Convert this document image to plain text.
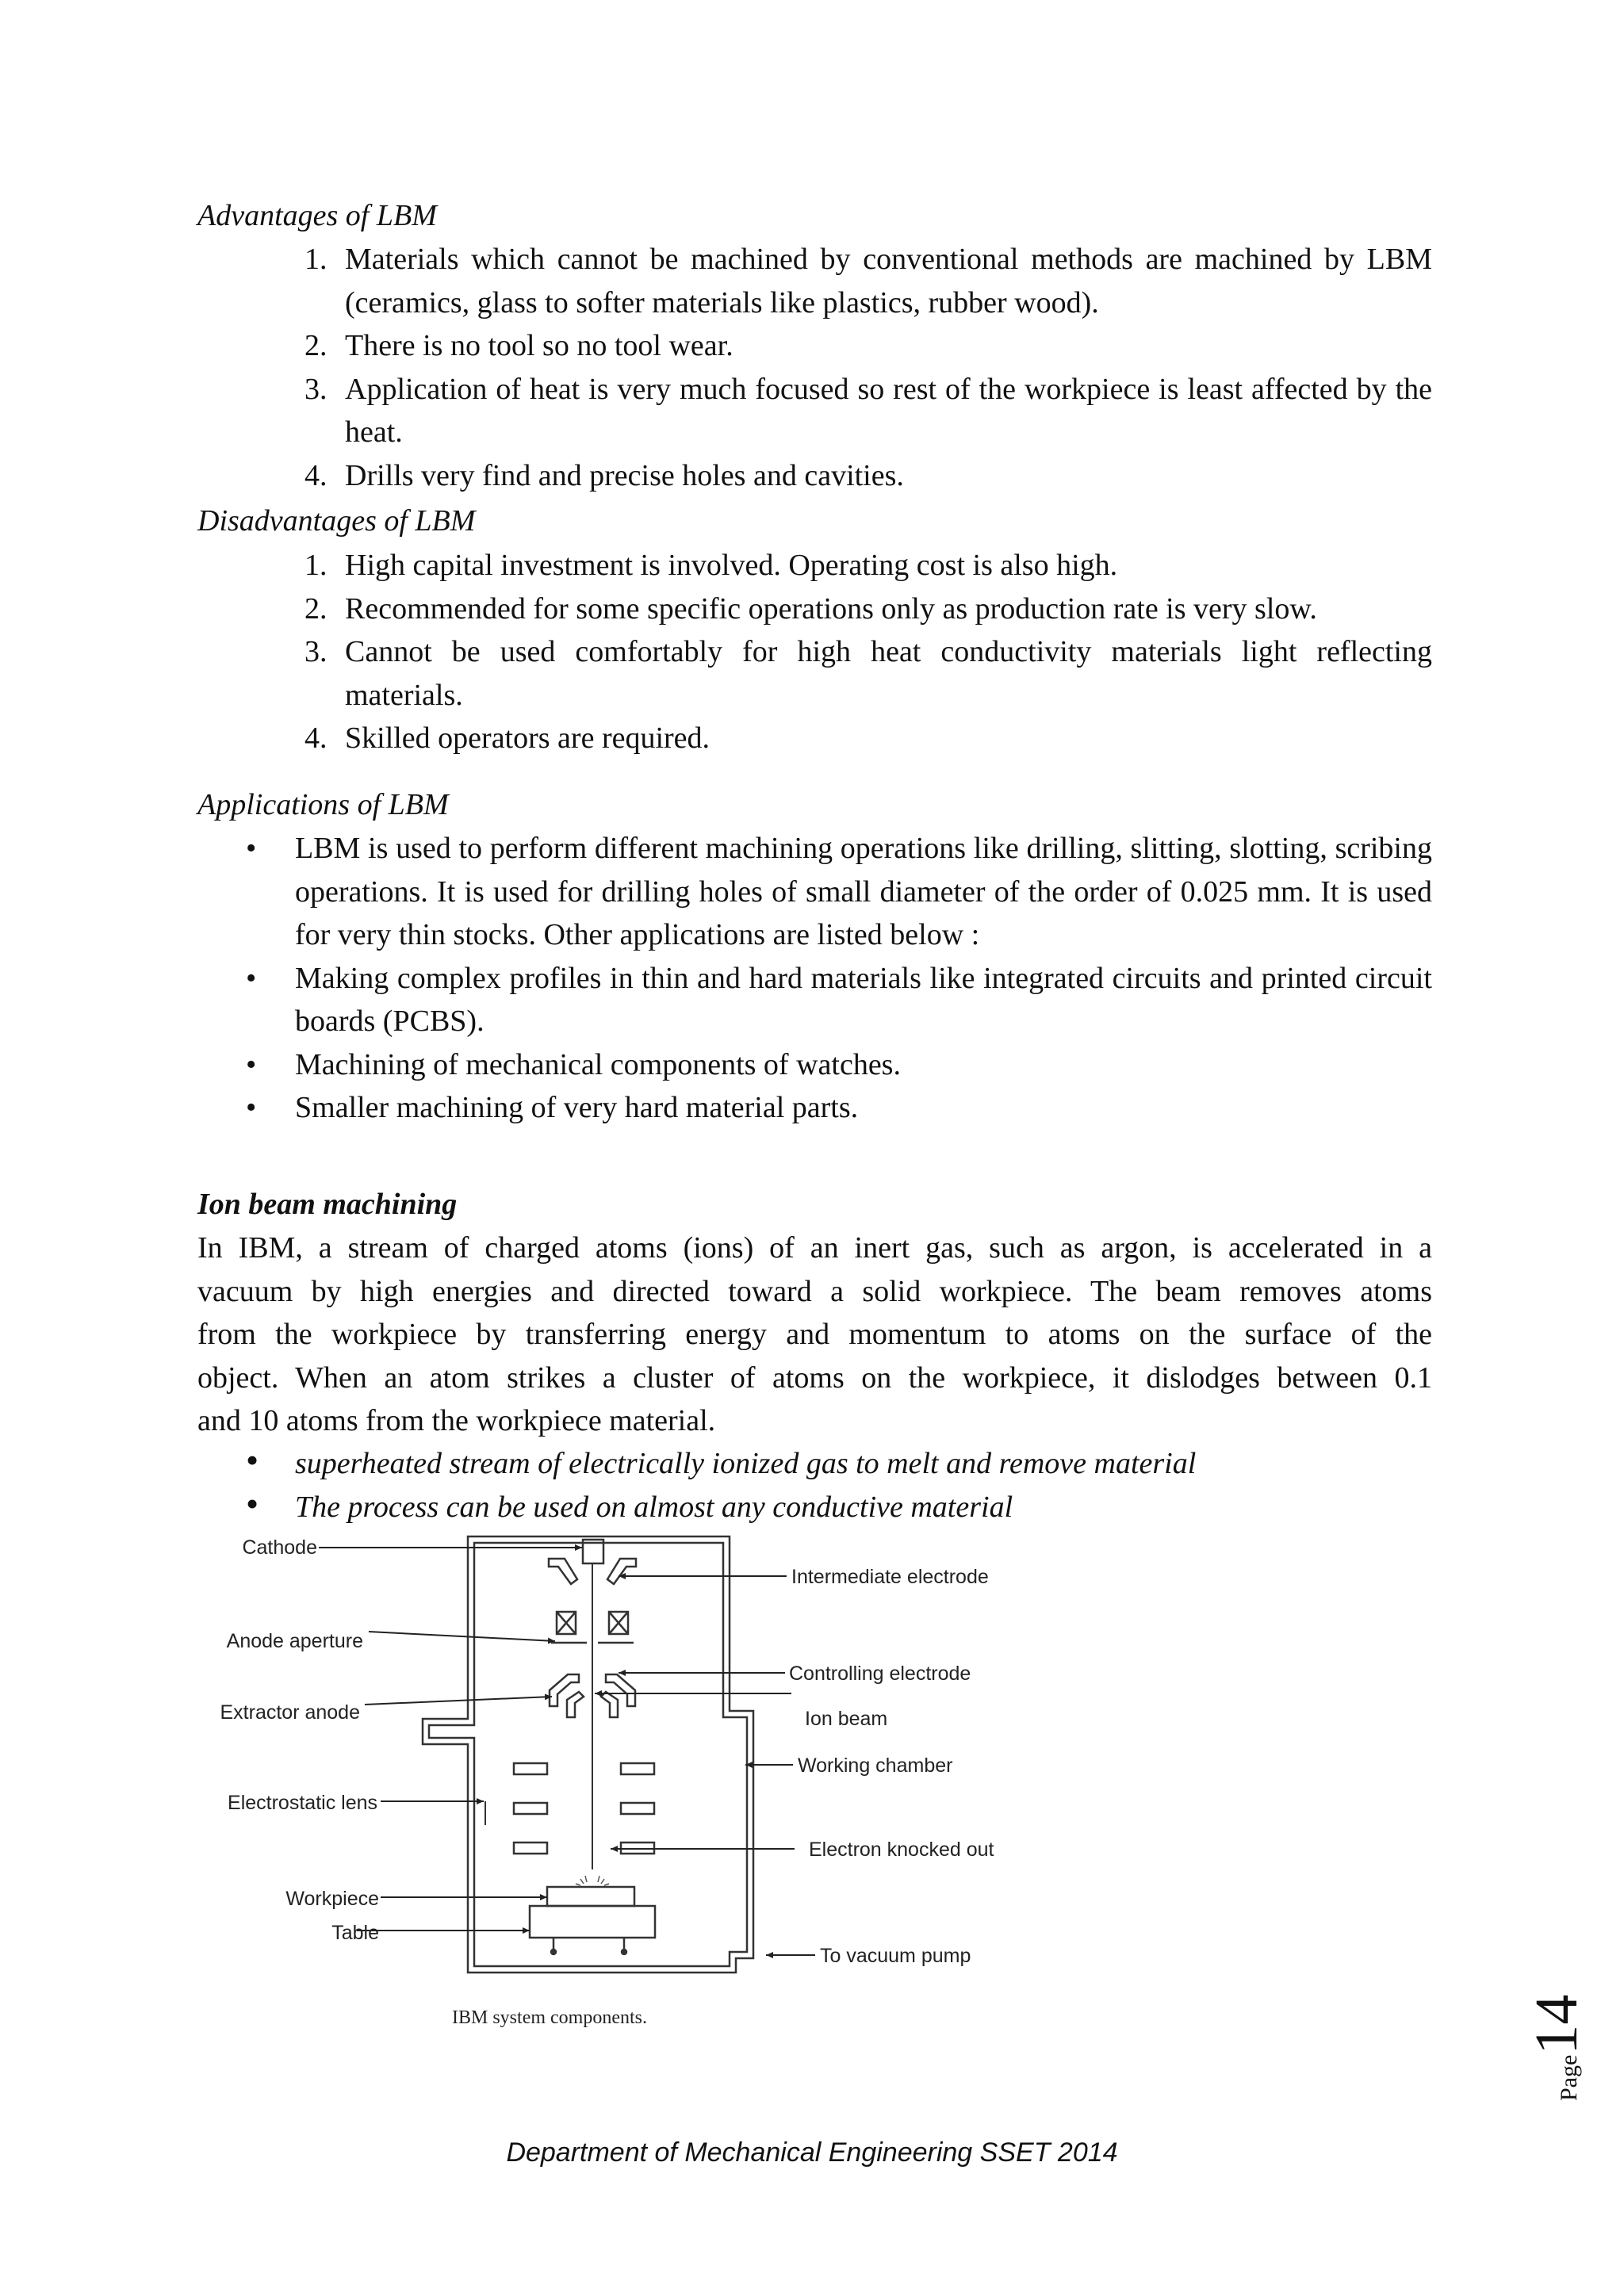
Advantages of LBM
1. Materials which cannot be machined by conventional methods are machined by LBM (ceramics, glass to softer materials like plastics, rubber wood).
2. There is no tool so no tool wear.
3. Application of heat is very much focused so rest of the workpiece is least affected by the heat.
4. Drills very find and precise holes and cavities.
Disadvantages of LBM
1. High capital investment is involved. Operating cost is also high.
2. Recommended for some specific operations only as production rate is very slow.
3. Cannot be used comfortably for high heat conductivity materials light reflecting materials.
4. Skilled operators are required.
Applications of LBM
• LBM is used to perform different machining operations like drilling, slitting, slotting, scribing operations. It is used for drilling holes of small diameter of the order of 0.025 mm. It is used for very thin stocks. Other applications are listed below :
• Making complex profiles in thin and hard materials like integrated circuits and printed circuit boards (PCBS).
• Machining of mechanical components of watches.
• Smaller machining of very hard material parts.
Ion beam machining
In IBM, a stream of charged atoms (ions) of an inert gas, such as argon, is accelerated in a
vacuum by high energies and directed toward a solid workpiece. The beam removes atoms
from the workpiece by transferring energy and momentum to atoms on the surface of the
object. When an atom strikes a cluster of atoms on the workpiece, it dislodges between 0.1
and 10 atoms from the workpiece material.
• superheated stream of electrically ionized gas to melt and remove material
• The process can be used on almost any conductive material
Cathode
Anode aperture
Extractor anode
Electrostatic lens
Workpiece
Table
Intermediate electrode
Controlling electrode
Ion beam
Working chamber
Electron knocked out
To vacuum pump
IBM system components.
Page14
Department of Mechanical Engineering SSET 2014
